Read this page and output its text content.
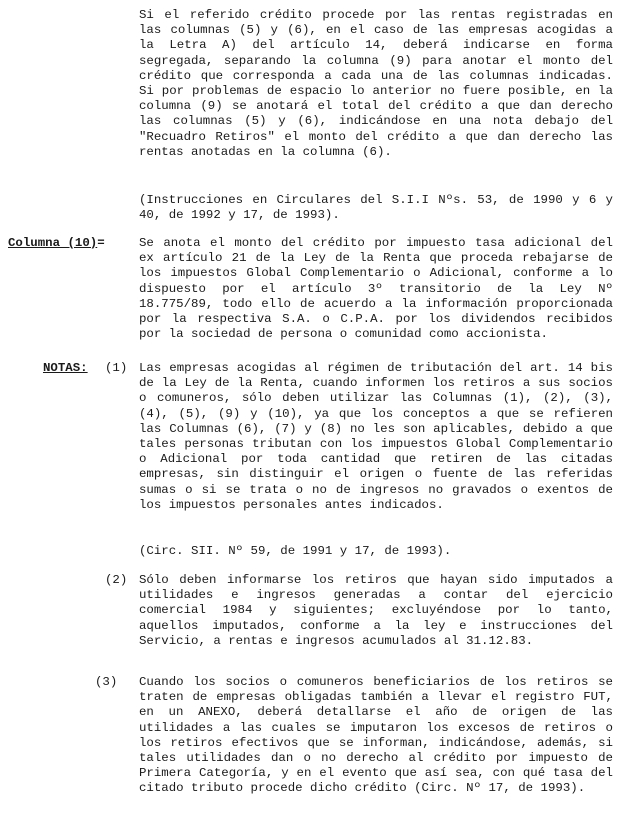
Si el referido crédito procede por las rentas registradas en las columnas (5) y (6), en el caso de las empresas acogidas a la Letra A) del artículo 14, deberá indicarse en forma segregada, separando la columna (9) para anotar el monto del crédito que corresponda a cada una de las columnas indicadas. Si por problemas de espacio lo anterior no fuere posible, en la columna (9) se anotará el total del crédito a que dan derecho las columnas (5) y (6), indicándose en una nota debajo del "Recuadro Retiros" el monto del crédito a que dan derecho las rentas anotadas en la columna (6).

(Instrucciones en Circulares del S.I.I Nºs. 53, de 1990 y 6 y 40, de 1992 y 17, de 1993).

Columna (10)=	Se anota el monto del crédito por impuesto tasa adicional del ex artículo 21 de la Ley de la Renta que proceda rebajarse de los impuestos Global Complementario o Adicional, conforme a lo dispuesto por el artículo 3º transitorio de la Ley Nº 18.775/89, todo ello de acuerdo a la información proporcionada por la respectiva S.A. o C.P.A. por los dividendos recibidos por la sociedad de persona o comunidad como accionista.

NOTAS: (1) Las empresas acogidas al régimen de tributación del art. 14 bis de la Ley de la Renta, cuando informen los retiros a sus socios o comuneros, sólo deben utilizar las Columnas (1), (2), (3), (4), (5), (9) y (10), ya que los conceptos a que se refieren las Columnas (6), (7) y (8) no les son aplicables, debido a que tales personas tributan con los impuestos Global Complementario o Adicional por toda cantidad que retiren de las citadas empresas, sin distinguir el origen o fuente de las referidas sumas o si se trata o no de ingresos no gravados o exentos de los impuestos personales antes indicados.

(Circ. SII. Nº 59, de 1991 y 17, de 1993).

(2) Sólo deben informarse los retiros que hayan sido imputados a utilidades e ingresos generadas a contar del ejercicio comercial 1984 y siguientes; excluyéndose por lo tanto, aquellos imputados, conforme a la ley e instrucciones del Servicio, a rentas e ingresos acumulados al 31.12.83.

(3) Cuando los socios o comuneros beneficiarios de los retiros se traten de empresas obligadas también a llevar el registro FUT, en un ANEXO, deberá detallarse el año de origen de las utilidades a las cuales se imputaron los excesos de retiros o los retiros efectivos que se informan, indicándose, además, si tales utilidades dan o no derecho al crédito por impuesto de Primera Categoría, y en el evento que así sea, con qué tasa del citado tributo procede dicho crédito (Circ. Nº 17, de 1993).
